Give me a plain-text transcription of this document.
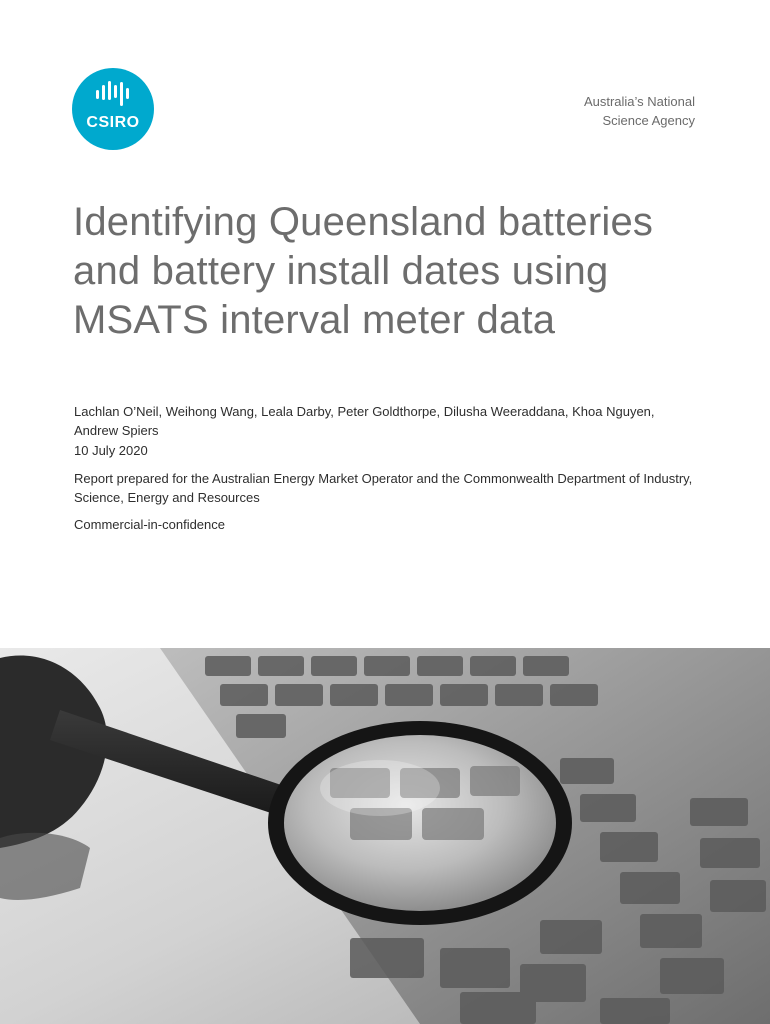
CSIRO
Australia’s National
Science Agency
Identifying Queensland batteries and battery install dates using MSATS interval meter data

Lachlan O’Neil, Weihong Wang, Leala Darby, Peter Goldthorpe, Dilusha Weeraddana, Khoa Nguyen, Andrew Spiers

10 July 2020

Report prepared for the Australian Energy Market Operator and the Commonwealth Department of Industry, Science, Energy and Resources

Commercial-in-confidence
